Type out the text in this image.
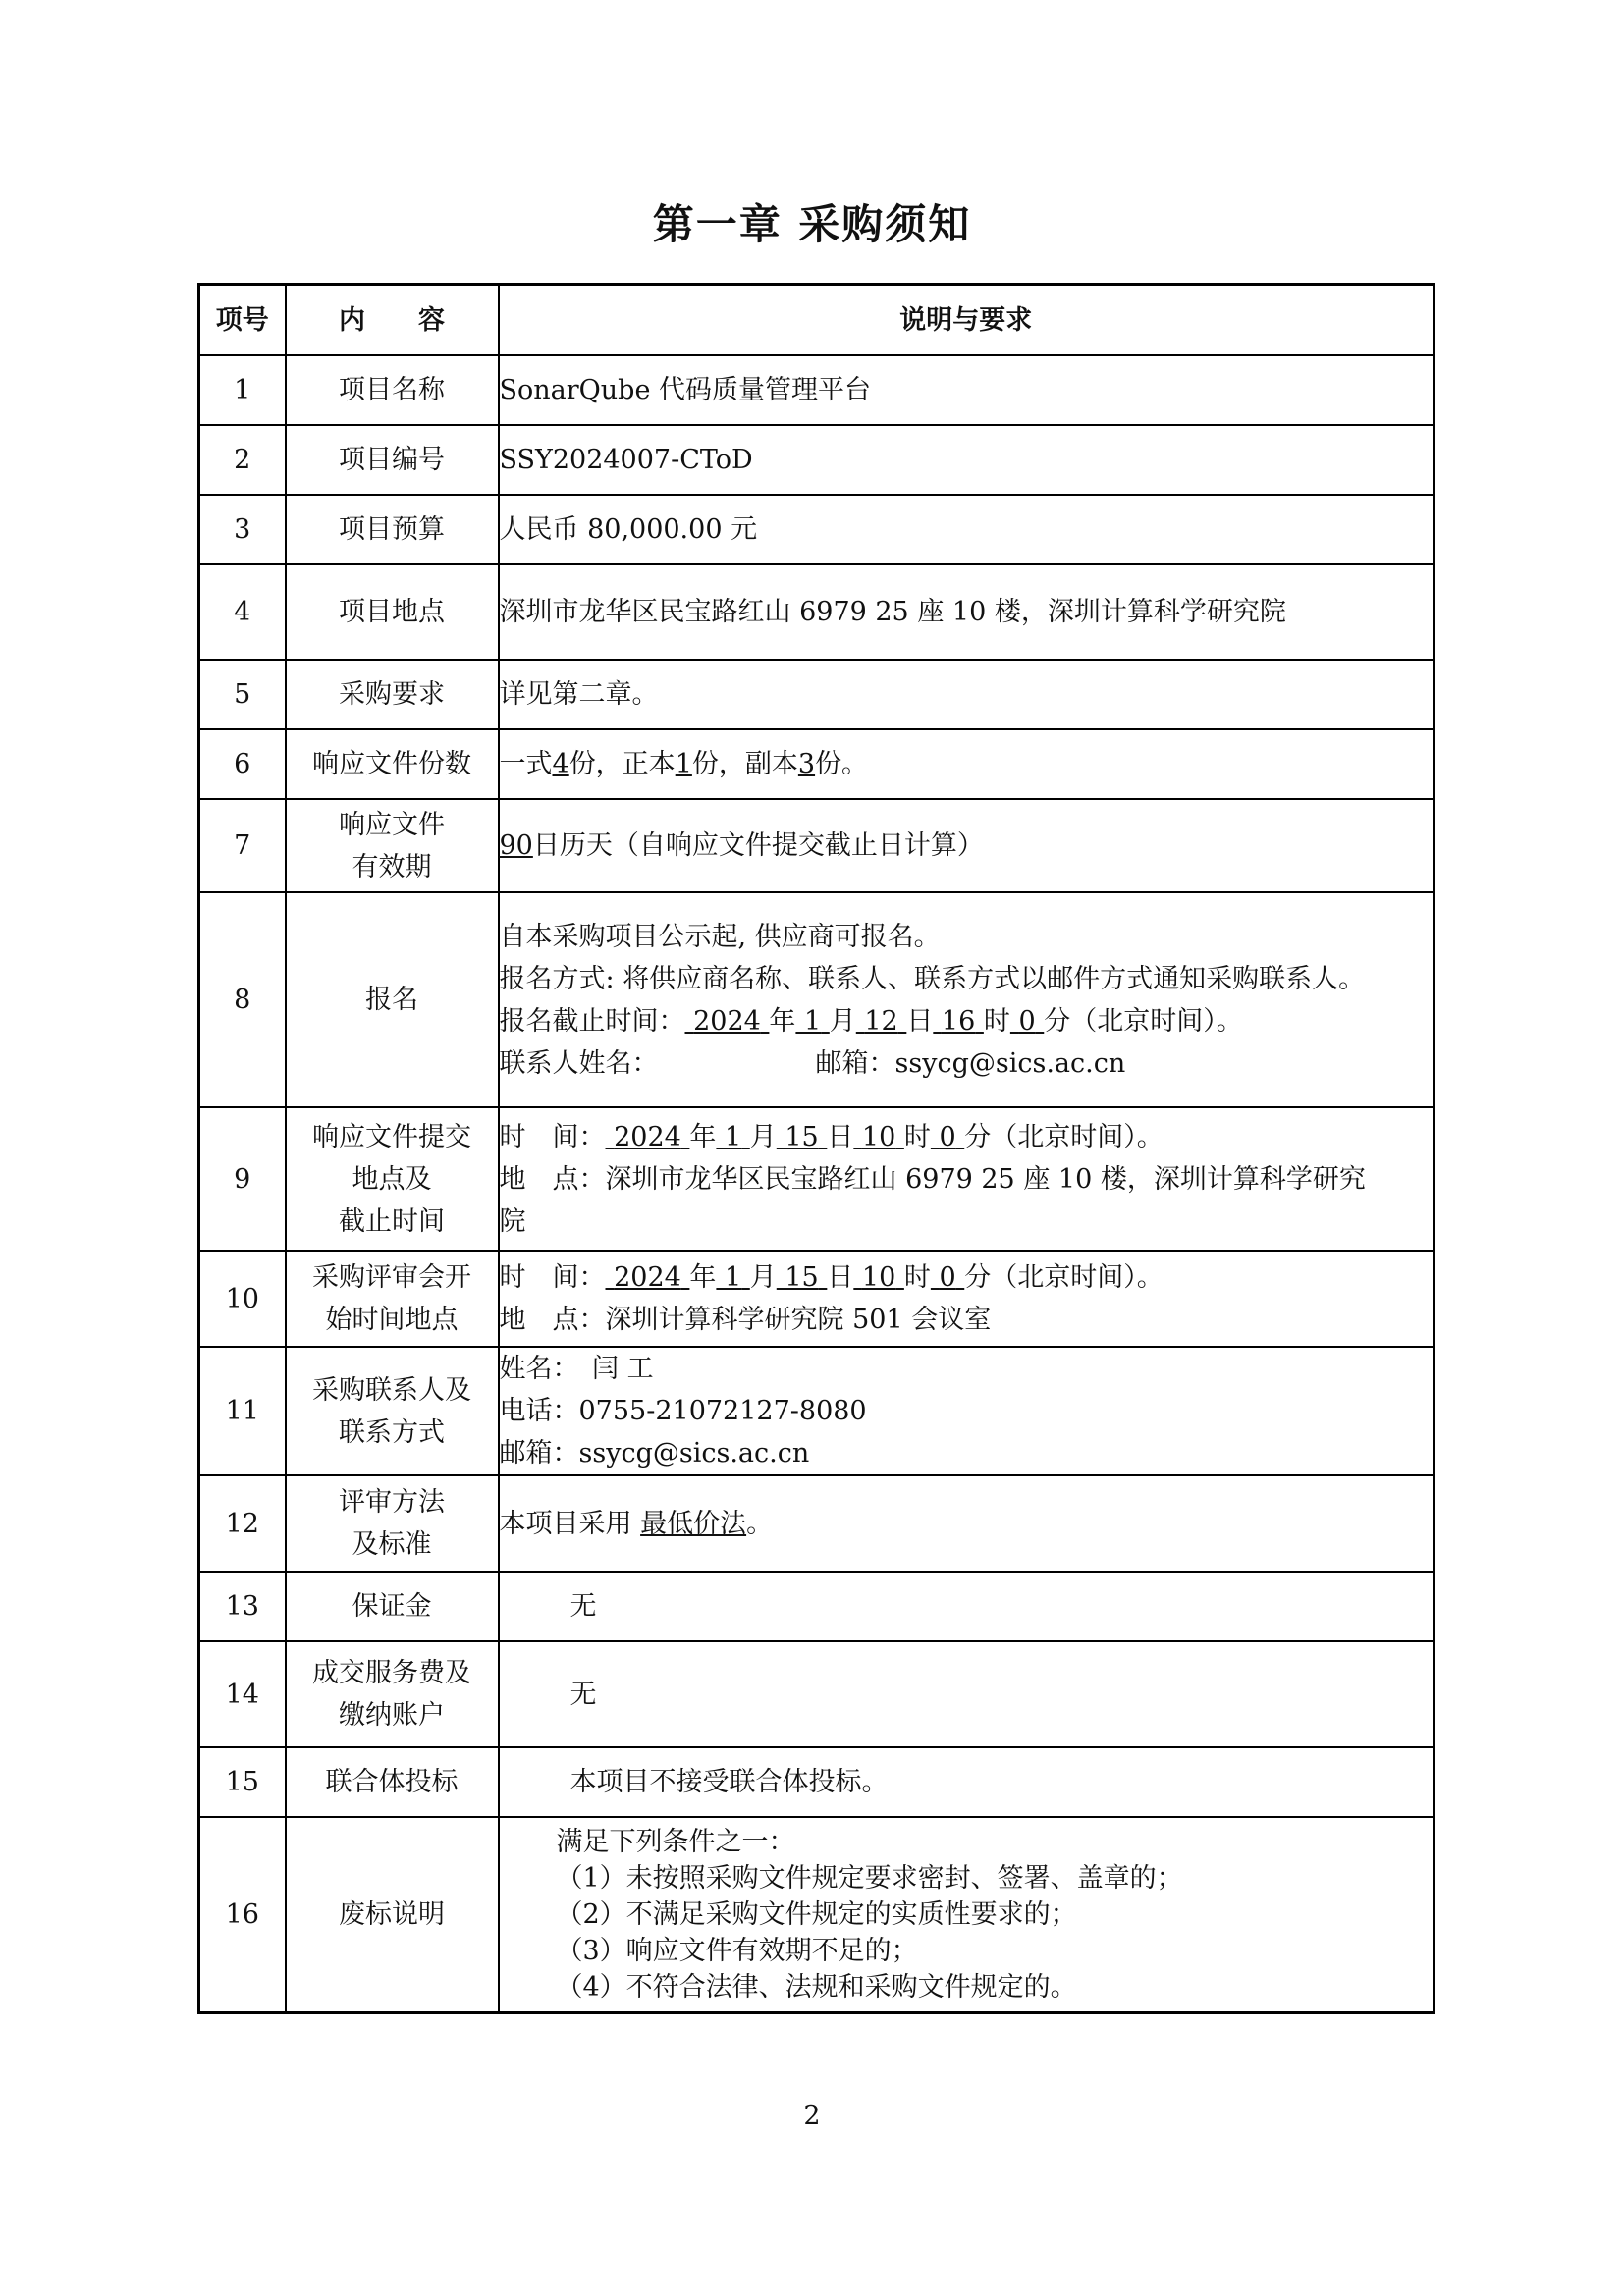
第一章 采购须知
项号	内　　容	说明与要求
1	项目名称	SonarQube 代码质量管理平台
2	项目编号	SSY2024007-CToD
3	项目预算	人民币 80,000.00 元
4	项目地点	深圳市龙华区民宝路红山 6979 25 座 10 楼，深圳计算科学研究院
5	采购要求	详见第二章。
6	响应文件份数	一式4份，正本1份，副本3份。
7	响应文件
有效期	90日历天（自响应文件提交截止日计算）
8	报名	自本采购项目公示起, 供应商可报名。
报名方式: 将供应商名称、联系人、联系方式以邮件方式通知采购联系人。
报名截止时间： 2024 年 1 月 12 日 16 时 0 分（北京时间）。
联系人姓名： 邮箱：ssycg@sics.ac.cn

9	响应文件提交
地点及
截止时间	时　间： 2024 年 1 月 15 日 10 时 0 分（北京时间）。
地　点：深圳市龙华区民宝路红山 6979 25 座 10 楼，深圳计算科学研究
院

10	采购评审会开
始时间地点	时　间： 2024 年 1 月 15 日 10 时 0 分（北京时间）。
地　点：深圳计算科学研究院 501 会议室

11	采购联系人及
联系方式	姓名：　闫 工
电话：0755-21072127-8080
邮箱：ssycg@sics.ac.cn

12	评审方法
及标准	本项目采用 最低价法。
13	保证金	无
14	成交服务费及
缴纳账户	无
15	联合体投标	本项目不接受联合体投标。
16	废标说明	满足下列条件之一：
（1）未按照采购文件规定要求密封、签署、盖章的；
（2）不满足采购文件规定的实质性要求的；
（3）响应文件有效期不足的；
（4）不符合法律、法规和采购文件规定的。
2
